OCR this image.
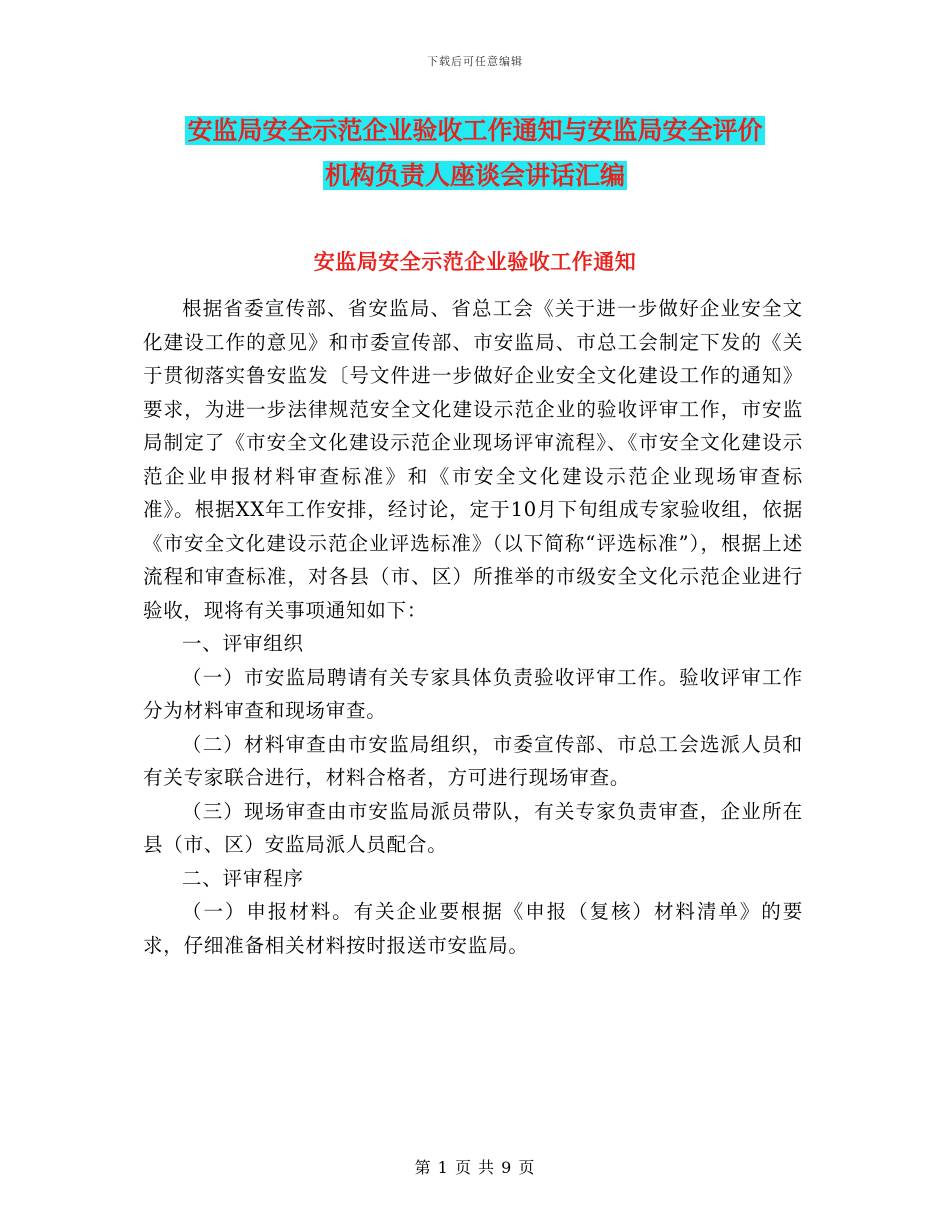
下载后可任意编辑
安监局安全示范企业验收工作通知与安监局安全评价
机构负责人座谈会讲话汇编
安监局安全示范企业验收工作通知

根据省委宣传部、省安监局、省总工会《关于进一步做好企业安全文化建设工作的意见》和市委宣传部、市安监局、市总工会制定下发的《关于贯彻落实鲁安监发〔号文件进一步做好企业安全文化建设工作的通知》要求，为进一步法律规范安全文化建设示范企业的验收评审工作，市安监局制定了《市安全文化建设示范企业现场评审流程》、《市安全文化建设示范企业申报材料审查标准》和《市安全文化建设示范企业现场审查标准》。根据XX年工作安排，经讨论，定于10月下旬组成专家验收组，依据《市安全文化建设示范企业评选标准》（以下简称“评选标准”），根据上述流程和审查标准，对各县（市、区）所推举的市级安全文化示范企业进行验收，现将有关事项通知如下：

一、评审组织

（一）市安监局聘请有关专家具体负责验收评审工作。验收评审工作分为材料审查和现场审查。

（二）材料审查由市安监局组织，市委宣传部、市总工会选派人员和有关专家联合进行，材料合格者，方可进行现场审查。

（三）现场审查由市安监局派员带队，有关专家负责审查，企业所在县（市、区）安监局派人员配合。

二、评审程序

（一）申报材料。有关企业要根据《申报（复核）材料清单》的要求，仔细准备相关材料按时报送市安监局。

第 1 页 共 9 页
